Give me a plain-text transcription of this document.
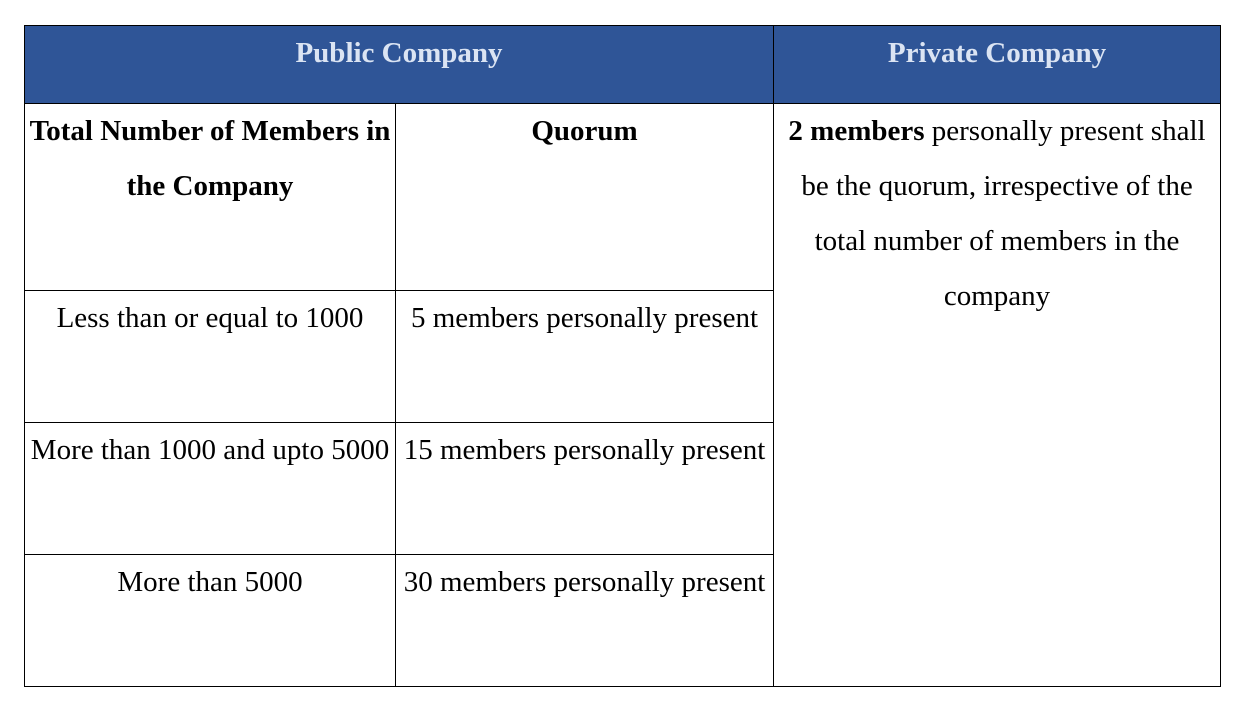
Public Company		Private Company
Total Number of Members in the Company	Quorum	2 members personally present shall be the quorum, irrespective of the total number of members in the company
Less than or equal to 1000	5 members personally present	
More than 1000 and upto 5000	15 members personally present	
More than 5000	30 members personally present	
